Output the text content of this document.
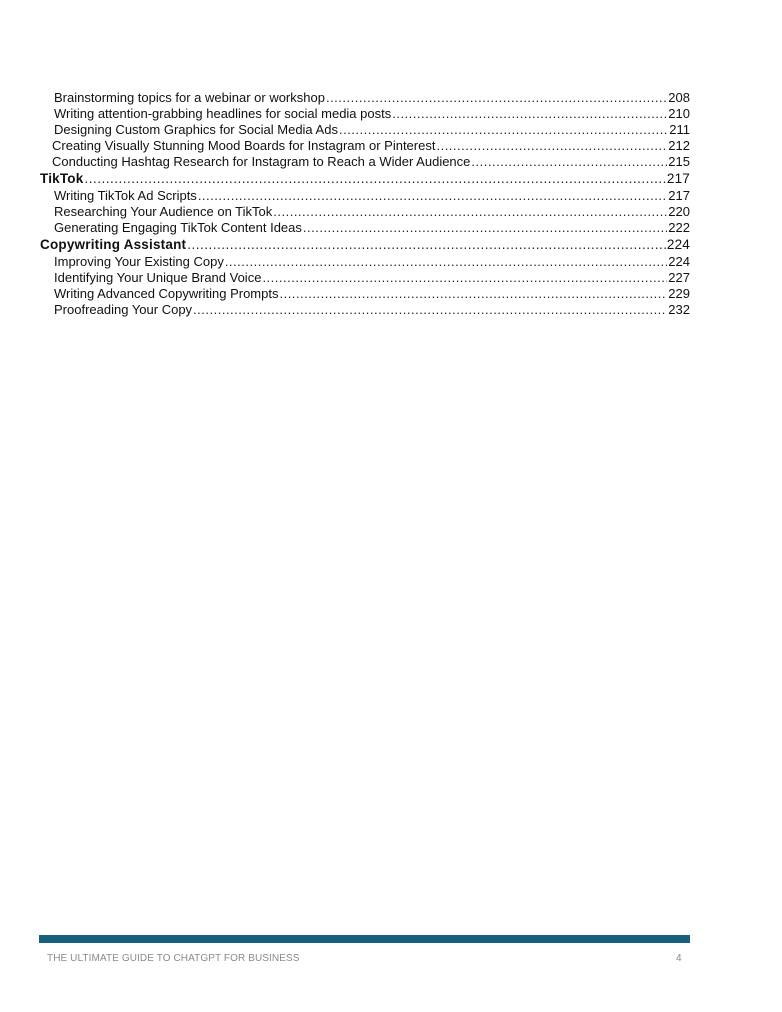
Brainstorming topics for a webinar or workshop .....	208
Writing attention-grabbing headlines for social media posts .....	210
Designing Custom Graphics for Social Media Ads .....	211
Creating Visually Stunning Mood Boards for Instagram or Pinterest .....	212
Conducting Hashtag Research for Instagram to Reach a Wider Audience .....	215
TikTok .....	217
Writing TikTok Ad Scripts .....	217
Researching Your Audience on TikTok .....	220
Generating Engaging TikTok Content Ideas .....	222
Copywriting Assistant .....	224
Improving Your Existing Copy .....	224
Identifying Your Unique Brand Voice .....	227
Writing Advanced Copywriting Prompts .....	229
Proofreading Your Copy .....	232
THE ULTIMATE GUIDE TO CHATGPT FOR BUSINESS	4
